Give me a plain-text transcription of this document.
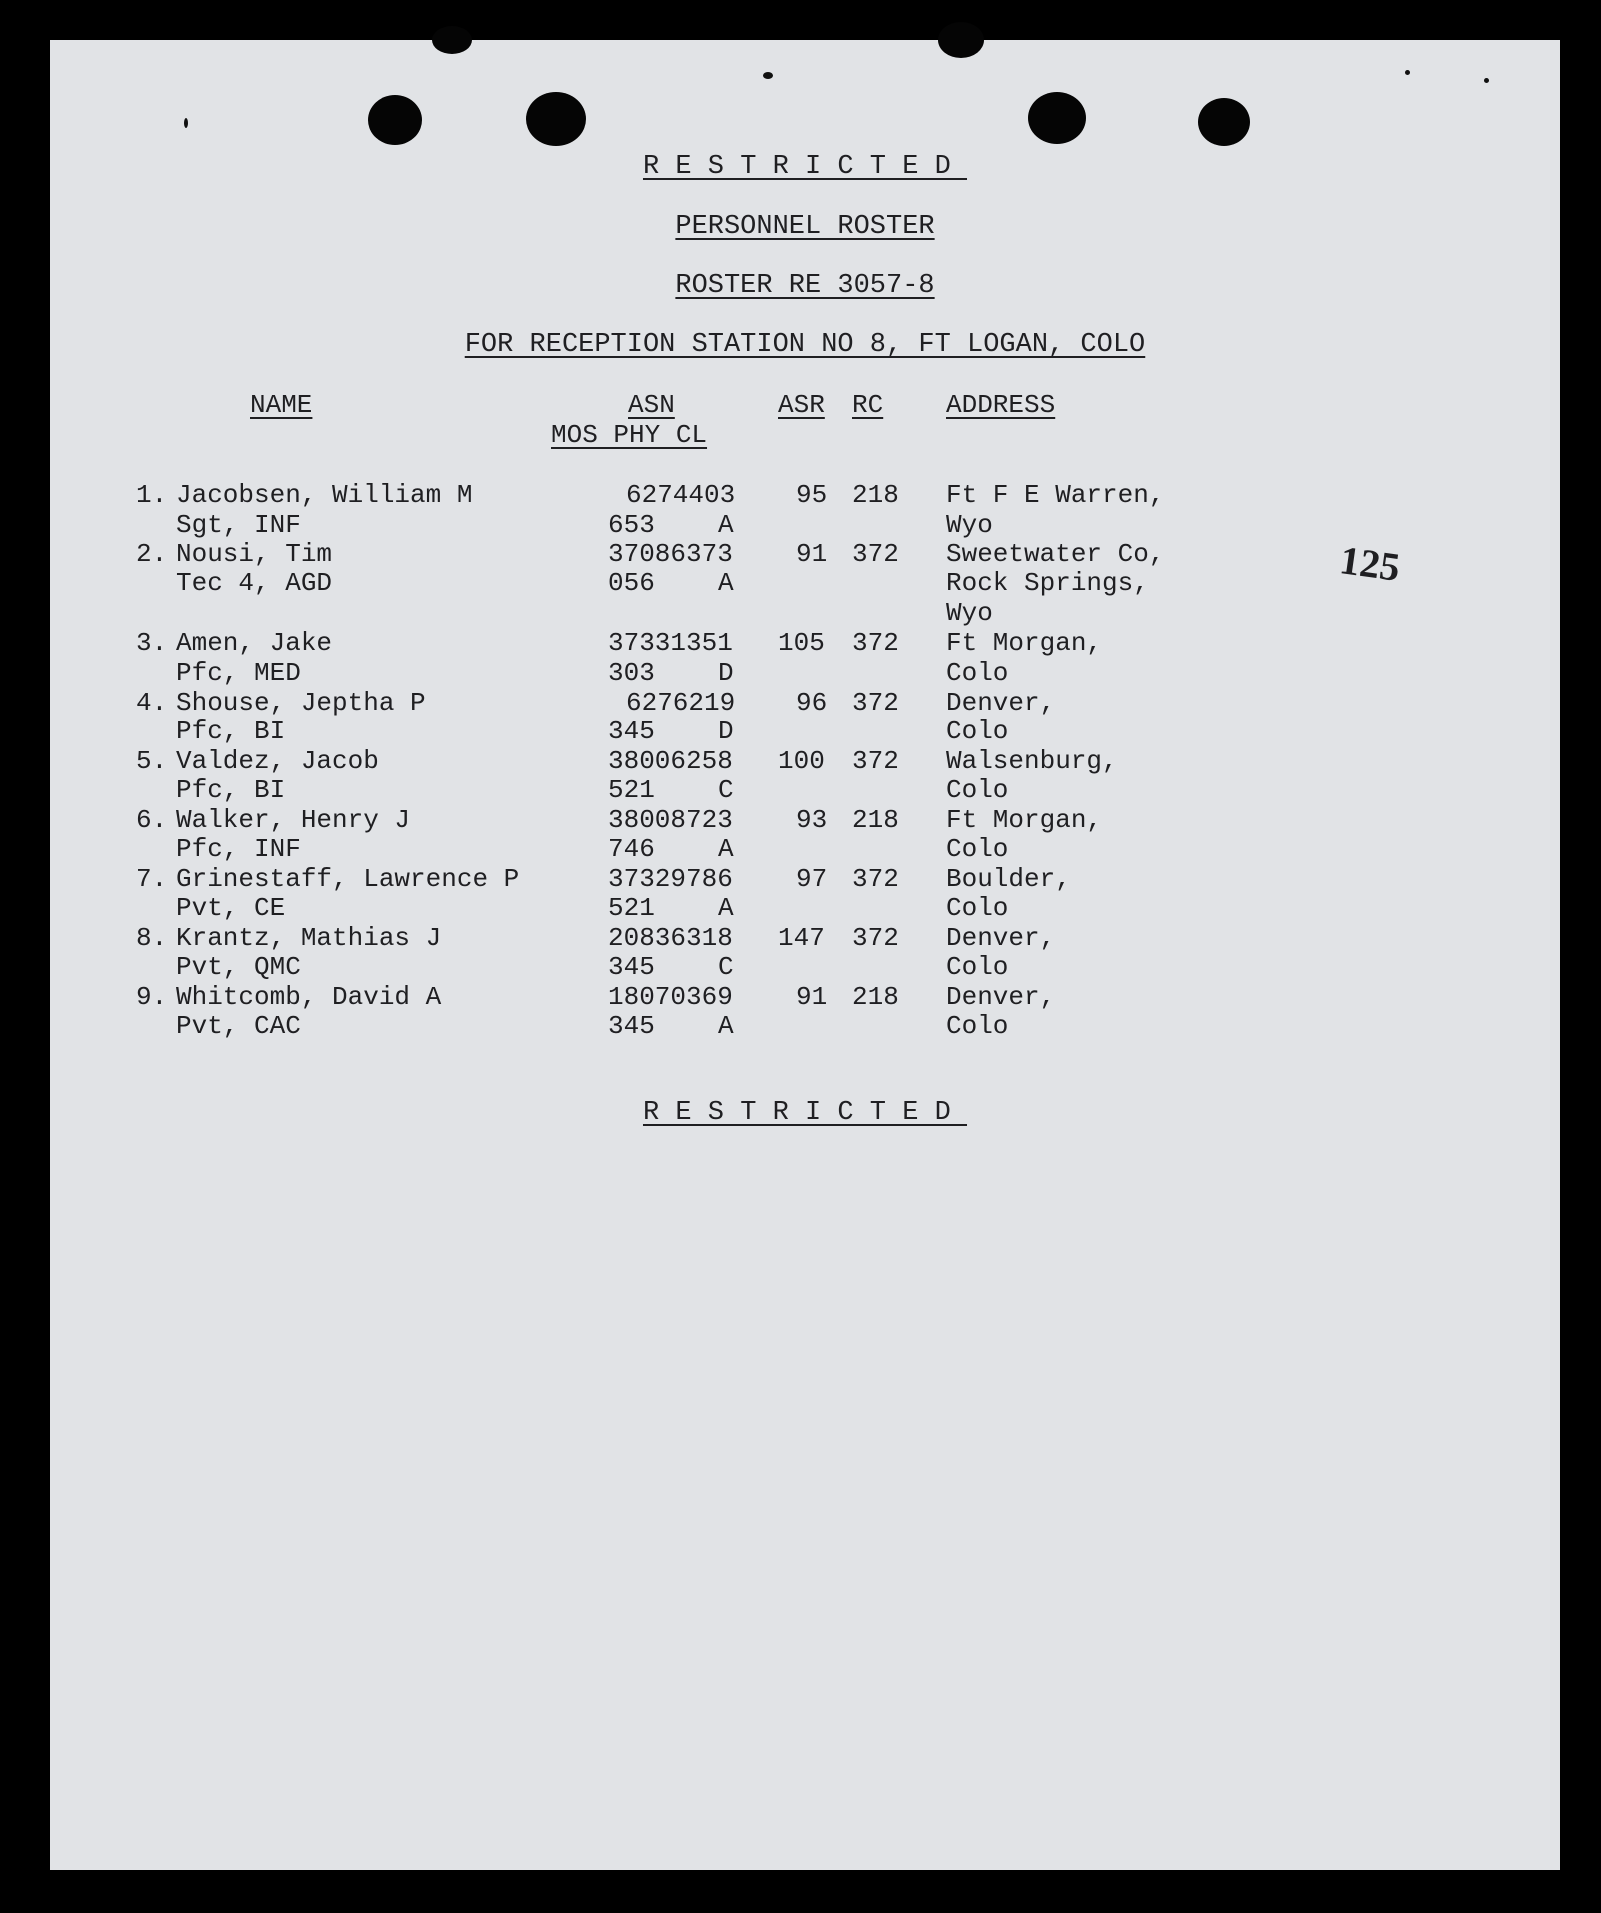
RESTRICTED
PERSONNEL ROSTER
ROSTER RE 3057-8
FOR RECEPTION STATION NO 8, FT LOGAN, COLO
125
NAME	ASN	ASR RC ADDRESS
MOS PHY CL
1. Jacobsen, William M
Sgt, INF
6274403 95 218
653 A
Ft F E Warren,
Wyo
2. Nousi, Tim
Tec 4, AGD
37086373 91 372
056 A
Sweetwater Co,
Rock Springs,
Wyo
3. Amen, Jake
Pfc, MED
37331351 105 372
303 D
Ft Morgan,
Colo
4. Shouse, Jeptha P
Pfc, BI
6276219 96 372
345 D
Denver,
Colo
5. Valdez, Jacob
Pfc, BI
38006258 100 372
521 C
Walsenburg,
Colo
6. Walker, Henry J
Pfc, INF
38008723 93 218
746 A
Ft Morgan,
Colo
7. Grinestaff, Lawrence P
Pvt, CE
37329786 97 372
521 A
Boulder,
Colo
8. Krantz, Mathias J
Pvt, QMC
20836318 147 372
345 C
Denver,
Colo
9. Whitcomb, David A
Pvt, CAC
18070369 91 218
345 A
Denver,
Colo
RESTRICTED
